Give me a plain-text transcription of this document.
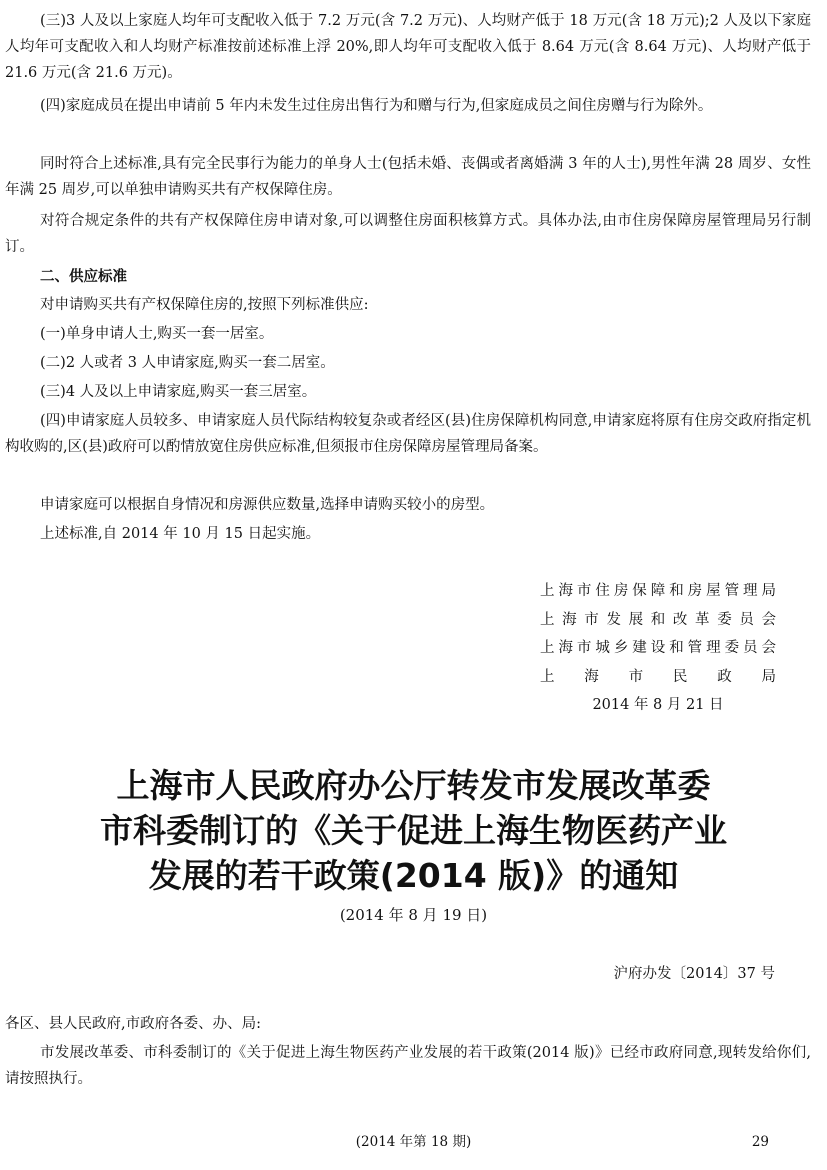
(三)3 人及以上家庭人均年可支配收入低于 7.2 万元(含 7.2 万元)、人均财产低于 18 万元(含 18 万元);2 人及以下家庭人均年可支配收入和人均财产标准按前述标准上浮 20%,即人均年可支配收入低于 8.64 万元(含 8.64 万元)、人均财产低于 21.6 万元(含 21.6 万元)。

(四)家庭成员在提出申请前 5 年内未发生过住房出售行为和赠与行为,但家庭成员之间住房赠与行为除外。

同时符合上述标准,具有完全民事行为能力的单身人士(包括未婚、丧偶或者离婚满 3 年的人士),男性年满 28 周岁、女性年满 25 周岁,可以单独申请购买共有产权保障住房。

对符合规定条件的共有产权保障住房申请对象,可以调整住房面积核算方式。具体办法,由市住房保障房屋管理局另行制订。

二、供应标准

对申请购买共有产权保障住房的,按照下列标准供应:

(一)单身申请人士,购买一套一居室。

(二)2 人或者 3 人申请家庭,购买一套二居室。

(三)4 人及以上申请家庭,购买一套三居室。

(四)申请家庭人员较多、申请家庭人员代际结构较复杂或者经区(县)住房保障机构同意,申请家庭将原有住房交政府指定机构收购的,区(县)政府可以酌情放宽住房供应标准,但须报市住房保障房屋管理局备案。

申请家庭可以根据自身情况和房源供应数量,选择申请购买较小的房型。

上述标准,自 2014 年 10 月 15 日起实施。

上海市住房保障和房屋管理局

上海市发展和改革委员会

上海市城乡建设和管理委员会

上海市民政局

2014 年 8 月 21 日

上海市人民政府办公厅转发市发展改革委

市科委制订的《关于促进上海生物医药产业

发展的若干政策(2014 版)》的通知

(2014 年 8 月 19 日)

沪府办发〔2014〕37 号

各区、县人民政府,市政府各委、办、局:

市发展改革委、市科委制订的《关于促进上海生物医药产业发展的若干政策(2014 版)》已经市政府同意,现转发给你们,请按照执行。

(2014 年第 18 期)	29
